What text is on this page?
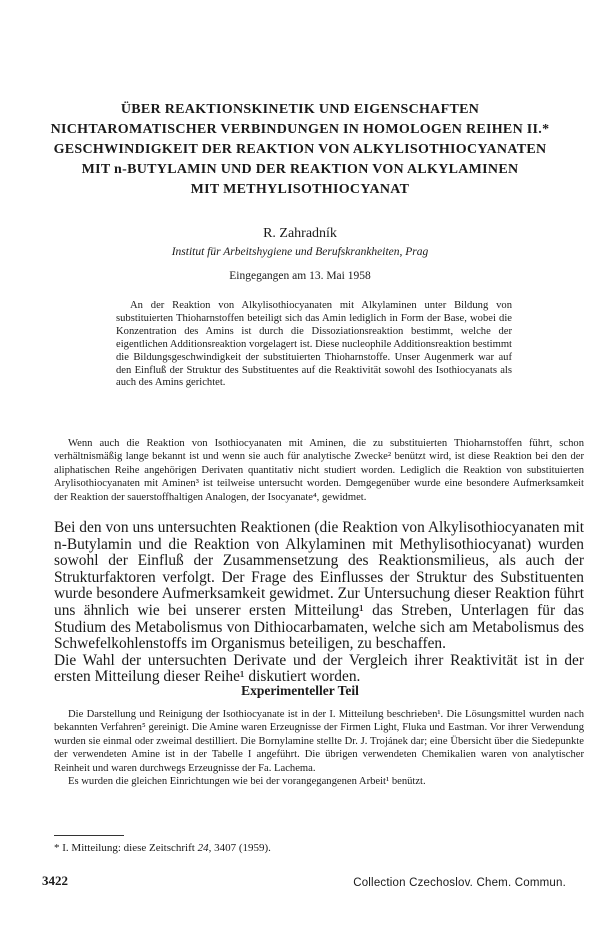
ÜBER REAKTIONSKINETIK UND EIGENSCHAFTEN
NICHTAROMATISCHER VERBINDUNGEN IN HOMOLOGEN REIHEN II.*
GESCHWINDIGKEIT DER REAKTION VON ALKYLISOTHIOCYANATEN
MIT n-BUTYLAMIN UND DER REAKTION VON ALKYLAMINEN
MIT METHYLISOTHIOCYANAT
R. Zahradník
Institut für Arbeitshygiene und Berufskrankheiten, Prag
Eingegangen am 13. Mai 1958

An der Reaktion von Alkylisothiocyanaten mit Alkylaminen unter Bildung von substituierten Thioharnstoffen beteiligt sich das Amin lediglich in Form der Base, wobei die Konzentration des Amins ist durch die Dissoziationsreaktion bestimmt, welche der eigentlichen Additionsreaktion vorgelagert ist. Diese nucleophile Additionsreaktion bestimmt die Bildungsgeschwindigkeit der substituierten Thioharnstoffe. Unser Augenmerk war auf den Einfluß der Struktur des Substituentes auf die Reaktivität sowohl des Isothiocyanats als auch des Amins gerichtet.

Wenn auch die Reaktion von Isothiocyanaten mit Aminen, die zu substituierten Thioharnstoffen führt, schon verhältnismäßig lange bekannt ist und wenn sie auch für analytische Zwecke² benützt wird, ist diese Reaktion bei den der aliphatischen Reihe angehörigen Derivaten quantitativ nicht studiert worden. Lediglich die Reaktion von substituierten Arylisothiocyanaten mit Aminen³ ist teilweise untersucht worden. Demgegenüber wurde eine besondere Aufmerksamkeit der Reaktion der sauerstoffhaltigen Analogen, der Isocyanate⁴, gewidmet.

Bei den von uns untersuchten Reaktionen (die Reaktion von Alkylisothiocyanaten mit n-Butylamin und die Reaktion von Alkylaminen mit Methylisothiocyanat) wurden sowohl der Einfluß der Zusammensetzung des Reaktionsmilieus, als auch der Strukturfaktoren verfolgt. Der Frage des Einflusses der Struktur des Substituenten wurde besondere Aufmerksamkeit gewidmet. Zur Untersuchung dieser Reaktion führt uns ähnlich wie bei unserer ersten Mitteilung¹ das Streben, Unterlagen für das Studium des Metabolismus von Dithiocarbamaten, welche sich am Metabolismus des Schwefelkohlenstoffs im Organismus beteiligen, zu beschaffen.

Die Wahl der untersuchten Derivate und der Vergleich ihrer Reaktivität ist in der ersten Mitteilung dieser Reihe¹ diskutiert worden.

Experimenteller Teil

Die Darstellung und Reinigung der Isothiocyanate ist in der I. Mitteilung beschrieben¹. Die Lösungsmittel wurden nach bekannten Verfahren⁵ gereinigt. Die Amine waren Erzeugnisse der Firmen Light, Fluka und Eastman. Vor ihrer Verwendung wurden sie einmal oder zweimal destilliert. Die Bornylamine stellte Dr. J. Trojánek dar; eine Übersicht über die Siedepunkte der verwendeten Amine ist in der Tabelle I angeführt. Die übrigen verwendeten Chemikalien waren von analytischer Reinheit und waren durchwegs Erzeugnisse der Fa. Lachema.

Es wurden die gleichen Einrichtungen wie bei der vorangegangenen Arbeit¹ benützt.

* I. Mitteilung: diese Zeitschrift 24, 3407 (1959).
3422	Collection Czechoslov. Chem. Commun.
